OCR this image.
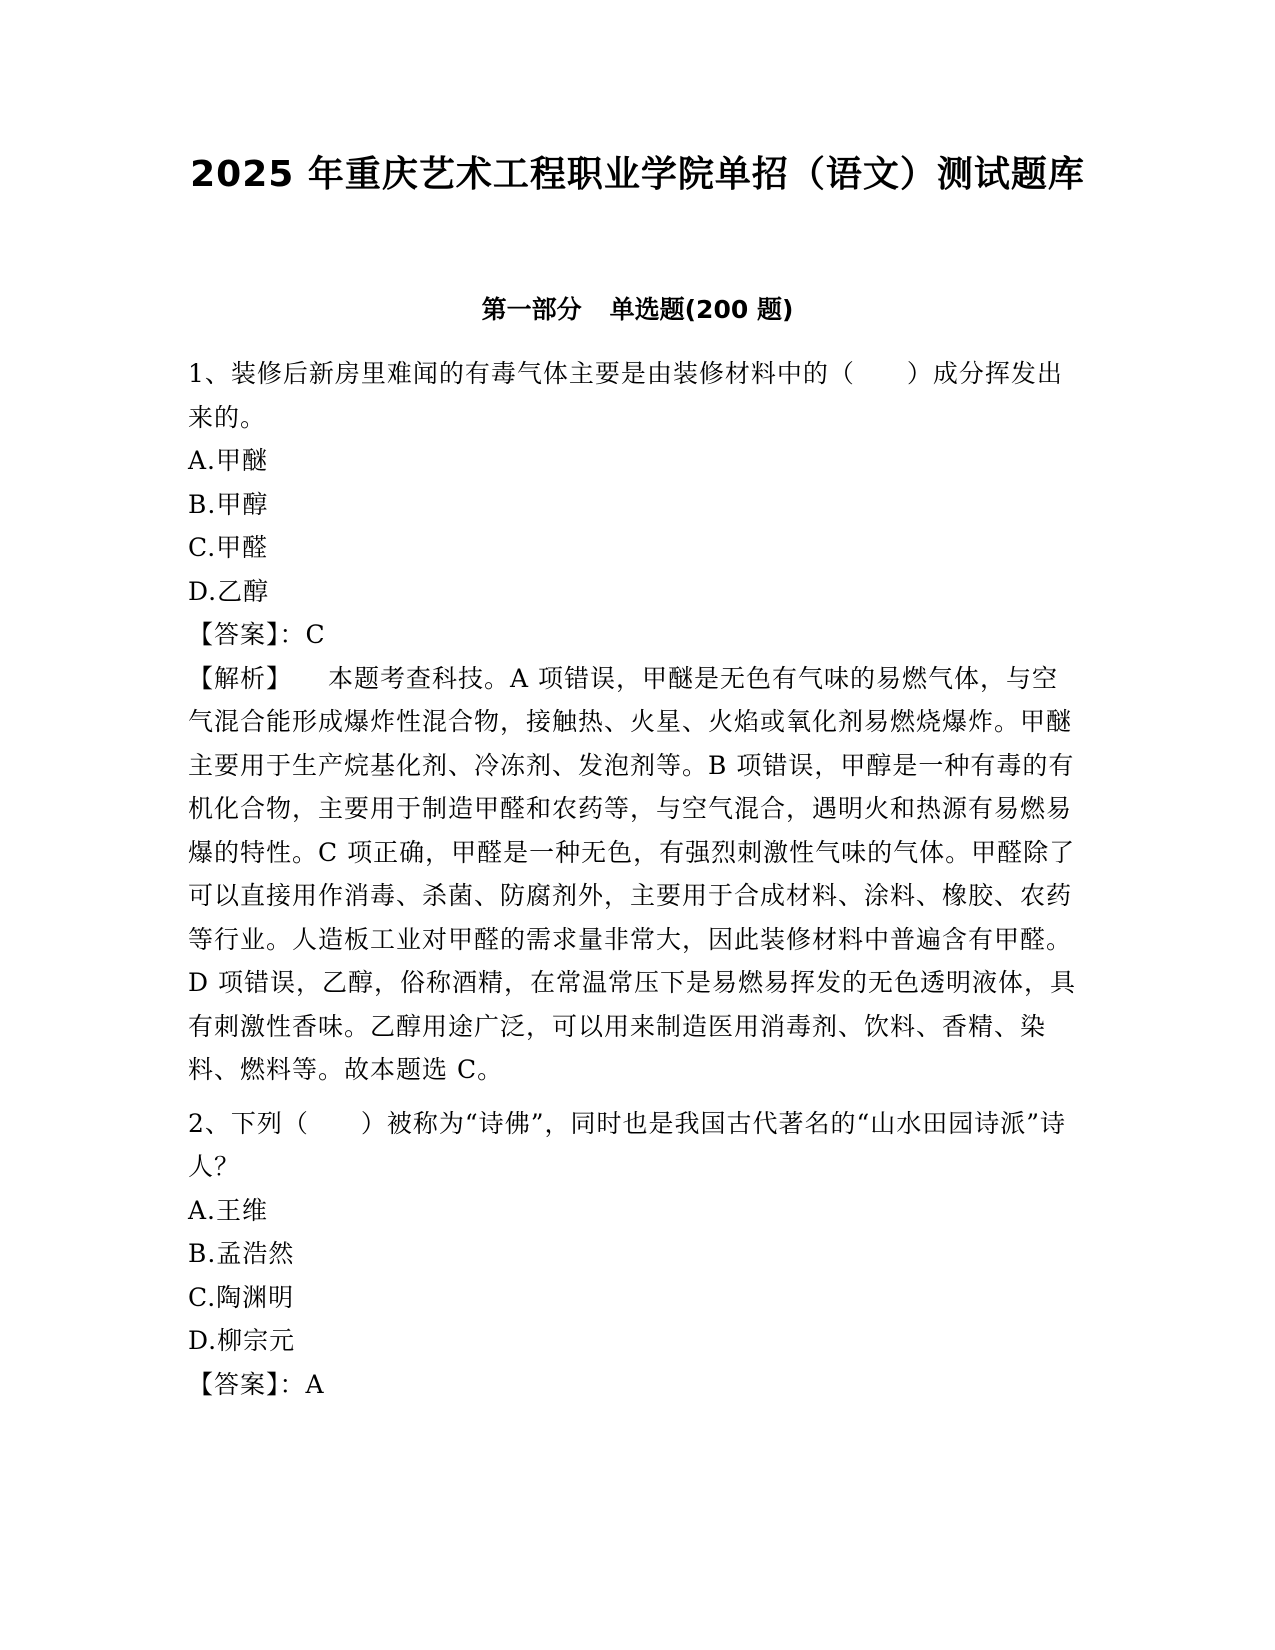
2025 年重庆艺术工程职业学院单招（语文）测试题库
第一部分 单选题(200 题)

1、装修后新房里难闻的有毒气体主要是由装修材料中的（　　）成分挥发出来的。

A.甲醚

B.甲醇

C.甲醛

D.乙醇

【答案】：C

【解析】 本题考查科技。A 项错误，甲醚是无色有气味的易燃气体，与空气混合能形成爆炸性混合物，接触热、火星、火焰或氧化剂易燃烧爆炸。甲醚主要用于生产烷基化剂、冷冻剂、发泡剂等。B 项错误，甲醇是一种有毒的有机化合物，主要用于制造甲醛和农药等，与空气混合，遇明火和热源有易燃易爆的特性。C 项正确，甲醛是一种无色，有强烈刺激性气味的气体。甲醛除了可以直接用作消毒、杀菌、防腐剂外，主要用于合成材料、涂料、橡胶、农药等行业。人造板工业对甲醛的需求量非常大，因此装修材料中普遍含有甲醛。D 项错误，乙醇，俗称酒精，在常温常压下是易燃易挥发的无色透明液体，具有刺激性香味。乙醇用途广泛，可以用来制造医用消毒剂、饮料、香精、染料、燃料等。故本题选 C。

2、下列（　　）被称为“诗佛”，同时也是我国古代著名的“山水田园诗派”诗人？

A.王维

B.孟浩然

C.陶渊明

D.柳宗元

【答案】：A
